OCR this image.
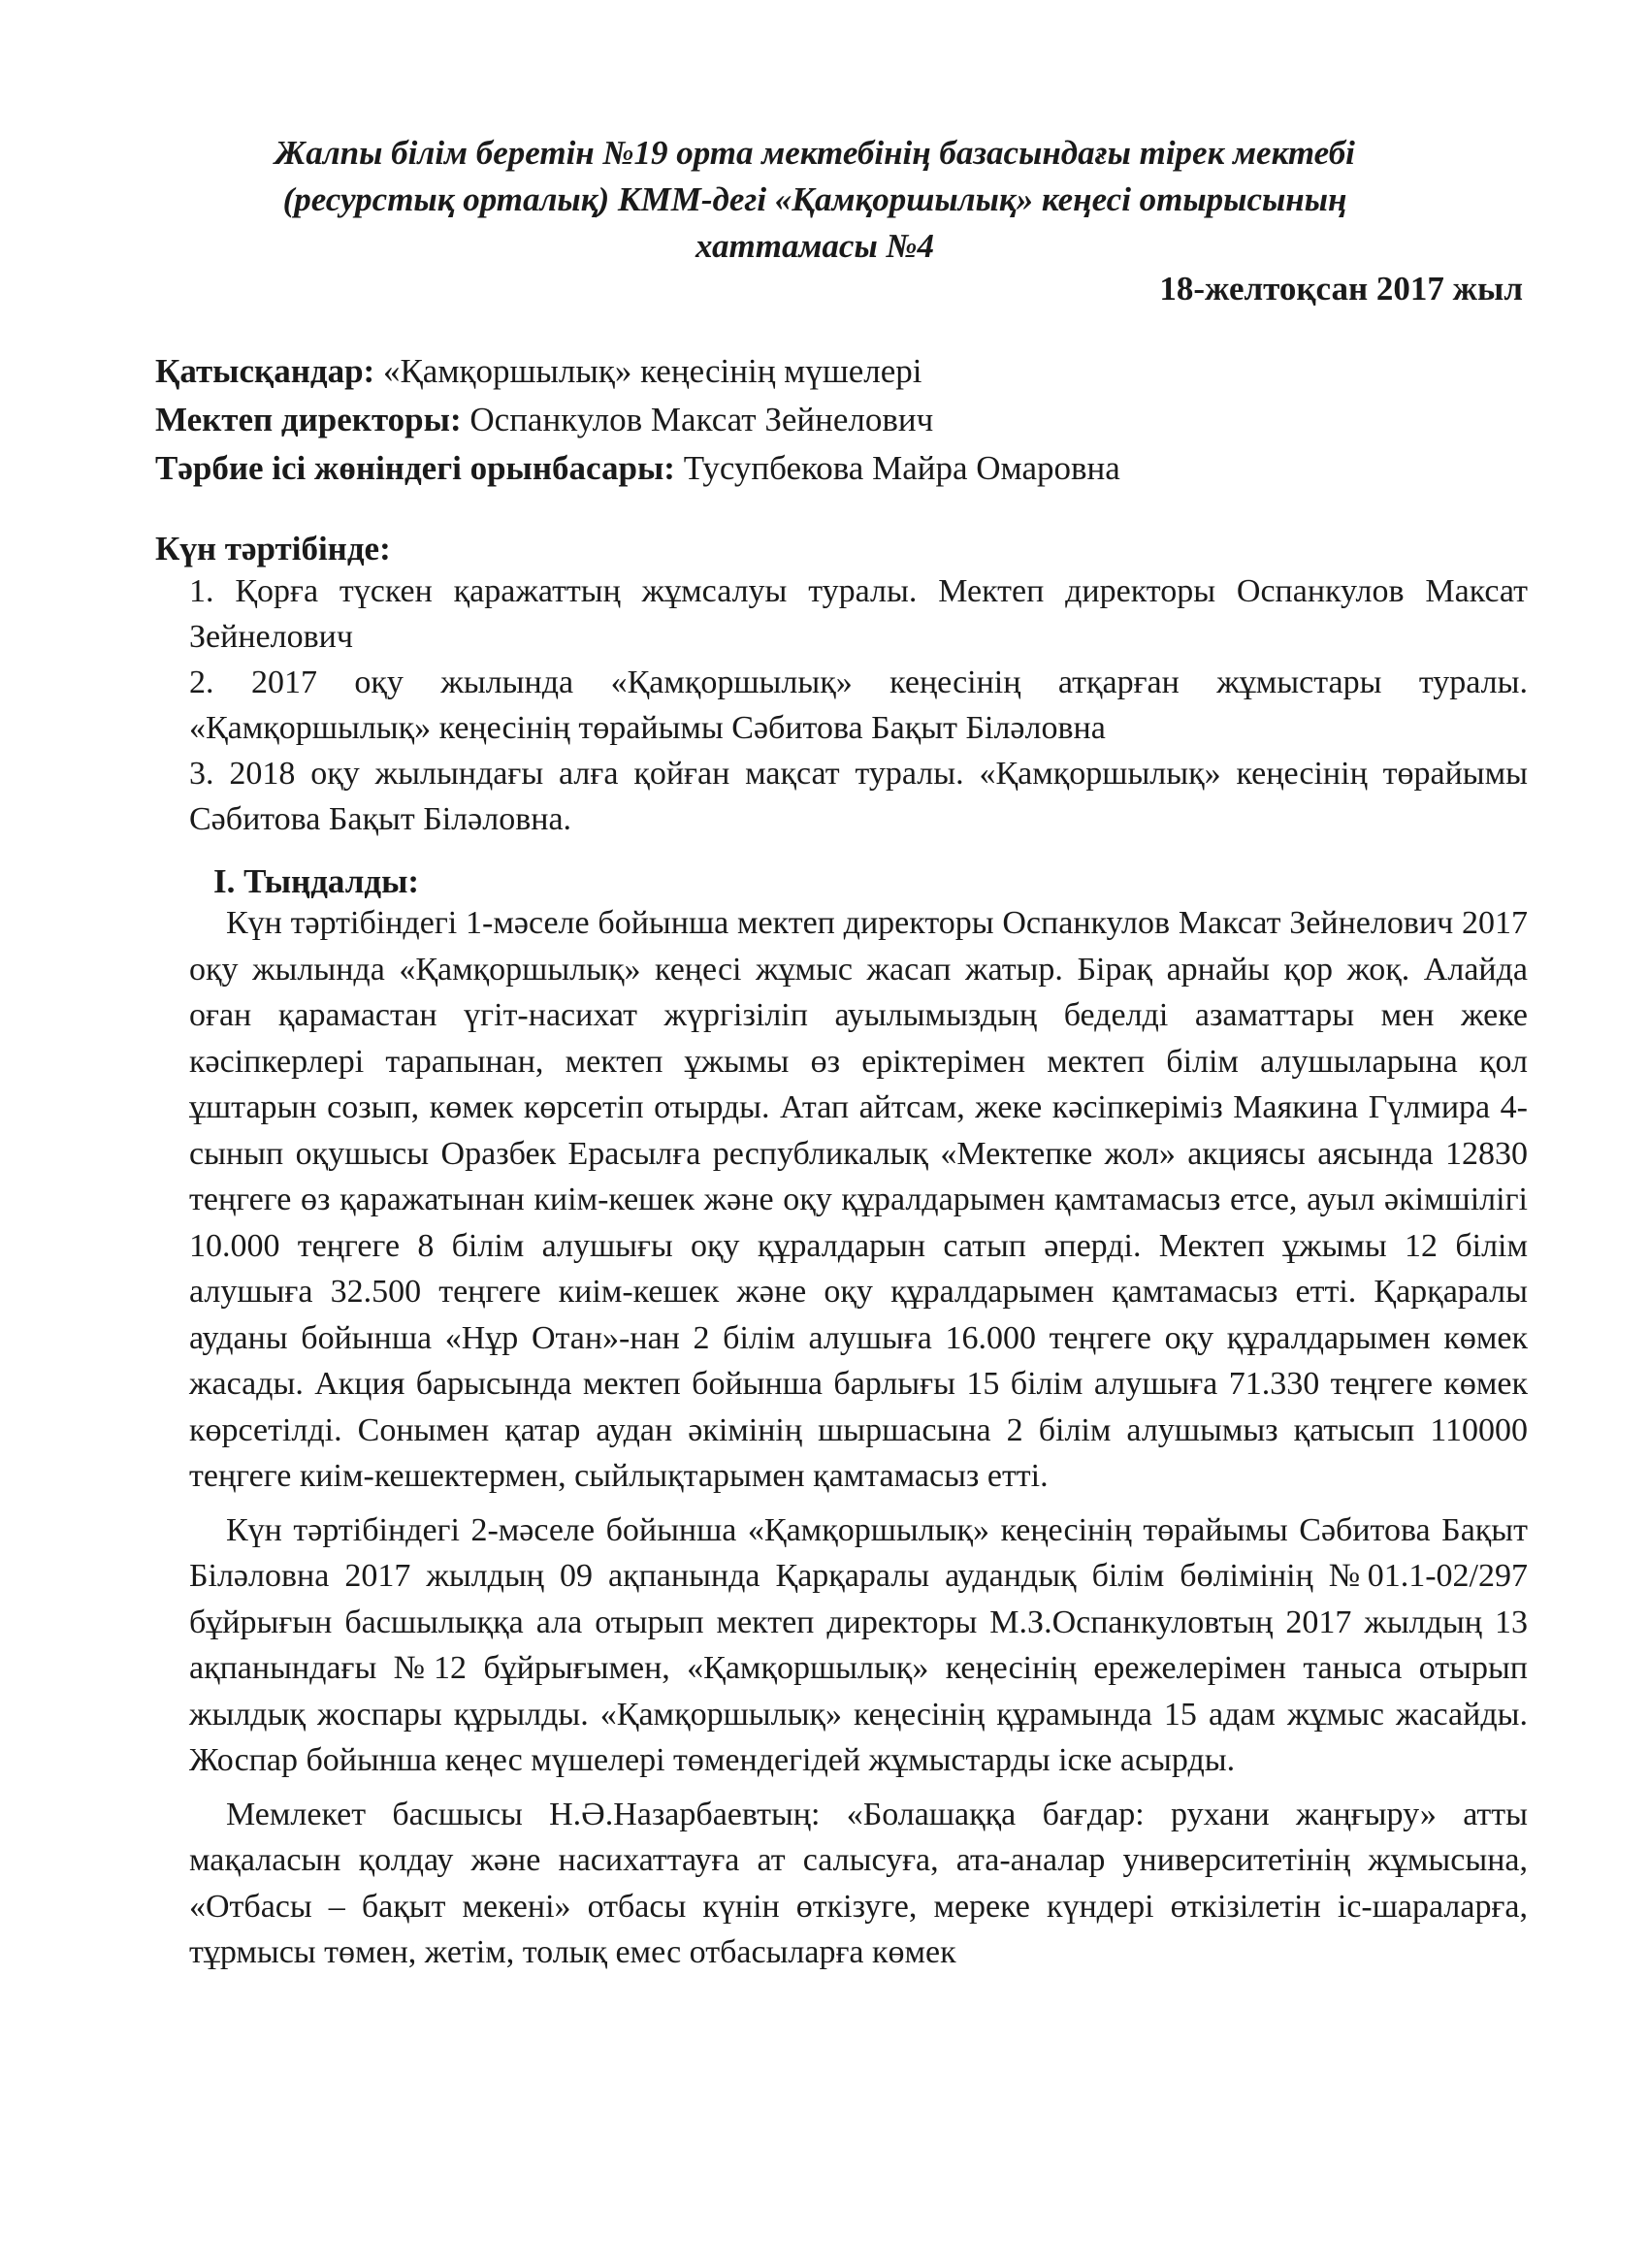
Жалпы білім беретін №19 орта мектебінің базасындағы тірек мектебі
(ресурстық орталық) КММ-дегі «Қамқоршылық» кеңесі отырысының
хаттамасы №4
18-желтоқсан 2017 жыл
Қатысқандар: «Қамқоршылық» кеңесінің мүшелері
Мектеп директоры: Оспанкулов Максат Зейнелович
Тәрбие ісі жөніндегі орынбасары: Тусупбекова Майра Омаровна
Күн тәртібінде:
1. Қорға түскен қаражаттың жұмсалуы туралы. Мектеп директоры Оспанкулов Максат Зейнелович
2. 2017 оқу жылында «Қамқоршылық» кеңесінің атқарған жұмыстары туралы. «Қамқоршылық» кеңесінің төрайымы Сәбитова Бақыт Біләловна
3. 2018 оқу жылындағы алға қойған мақсат туралы. «Қамқоршылық» кеңесінің төрайымы Сәбитова Бақыт Біләловна.
I. Тыңдалды:

Күн тәртібіндегі 1-мәселе бойынша мектеп директоры Оспанкулов Максат Зейнелович 2017 оқу жылында «Қамқоршылық» кеңесі жұмыс жасап жатыр. Бірақ арнайы қор жоқ. Алайда оған қарамастан үгіт-насихат жүргізіліп ауылымыздың беделді азаматтары мен жеке кәсіпкерлері тарапынан, мектеп ұжымы өз еріктерімен мектеп білім алушыларына қол ұштарын созып, көмек көрсетіп отырды. Атап айтсам, жеке кәсіпкеріміз Маякина Гүлмира 4-сынып оқушысы Оразбек Ерасылға республикалық «Мектепке жол» акциясы аясында 12830 теңгеге өз қаражатынан киім-кешек және оқу құралдарымен қамтамасыз етсе, ауыл әкімшілігі 10.000 теңгеге 8 білім алушығы оқу құралдарын сатып әперді. Мектеп ұжымы 12 білім алушыға 32.500 теңгеге киім-кешек және оқу құралдарымен қамтамасыз етті. Қарқаралы ауданы бойынша «Нұр Отан»-нан 2 білім алушыға 16.000 теңгеге оқу құралдарымен көмек жасады. Акция барысында мектеп бойынша барлығы 15 білім алушыға 71.330 теңгеге көмек көрсетілді. Сонымен қатар аудан әкімінің шыршасына 2 білім алушымыз қатысып 110000 теңгеге киім-кешектермен, сыйлықтарымен қамтамасыз етті.

Күн тәртібіндегі 2-мәселе бойынша «Қамқоршылық» кеңесінің төрайымы Сәбитова Бақыт Біләловна 2017 жылдың 09 ақпанында Қарқаралы аудандық білім бөлімінің №01.1-02/297 бұйрығын басшылыққа ала отырып мектеп директоры М.З.Оспанкуловтың 2017 жылдың 13 ақпанындағы №12 бұйрығымен, «Қамқоршылық» кеңесінің ережелерімен таныса отырып жылдық жоспары құрылды. «Қамқоршылық» кеңесінің құрамында 15 адам жұмыс жасайды. Жоспар бойынша кеңес мүшелері төмендегідей жұмыстарды іске асырды.

Мемлекет басшысы Н.Ә.Назарбаевтың: «Болашаққа бағдар: рухани жаңғыру» атты мақаласын қолдау және насихаттауға ат салысуға, ата-аналар университетінің жұмысына, «Отбасы – бақыт мекені» отбасы күнін өткізуге, мереке күндері өткізілетін іс-шараларға, тұрмысы төмен, жетім, толық емес отбасыларға көмек
